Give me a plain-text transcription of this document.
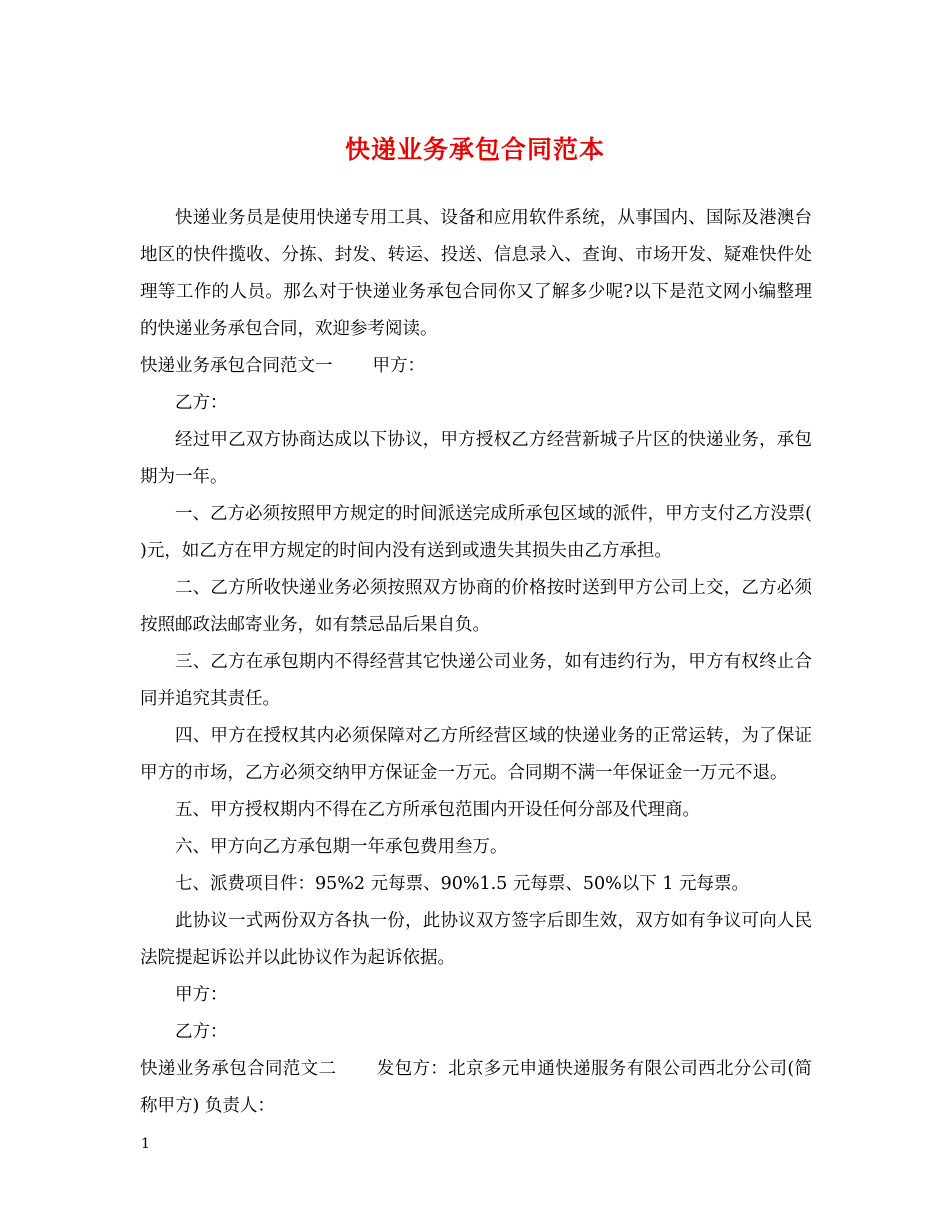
快递业务承包合同范本

快递业务员是使用快递专用工具、设备和应用软件系统，从事国内、国际及港澳台地区的快件揽收、分拣、封发、转运、投送、信息录入、查询、市场开发、疑难快件处理等工作的人员。那么对于快递业务承包合同你又了解多少呢?以下是范文网小编整理的快递业务承包合同，欢迎参考阅读。

快递业务承包合同范文一 甲方：

乙方：

经过甲乙双方协商达成以下协议，甲方授权乙方经营新城子片区的快递业务，承包期为一年。

一、乙方必须按照甲方规定的时间派送完成所承包区域的派件，甲方支付乙方没票( )元，如乙方在甲方规定的时间内没有送到或遗失其损失由乙方承担。

二、乙方所收快递业务必须按照双方协商的价格按时送到甲方公司上交，乙方必须按照邮政法邮寄业务，如有禁忌品后果自负。

三、乙方在承包期内不得经营其它快递公司业务，如有违约行为，甲方有权终止合同并追究其责任。

四、甲方在授权其内必须保障对乙方所经营区域的快递业务的正常运转，为了保证甲方的市场，乙方必须交纳甲方保证金一万元。合同期不满一年保证金一万元不退。

五、甲方授权期内不得在乙方所承包范围内开设任何分部及代理商。

六、甲方向乙方承包期一年承包费用叁万。

七、派费项目件：95%2 元每票、90%1.5 元每票、50%以下 1 元每票。

此协议一式两份双方各执一份，此协议双方签字后即生效，双方如有争议可向人民法院提起诉讼并以此协议作为起诉依据。

甲方：

乙方：

快递业务承包合同范文二 发包方：北京多元申通快递服务有限公司西北分公司(简称甲方) 负责人：

1
